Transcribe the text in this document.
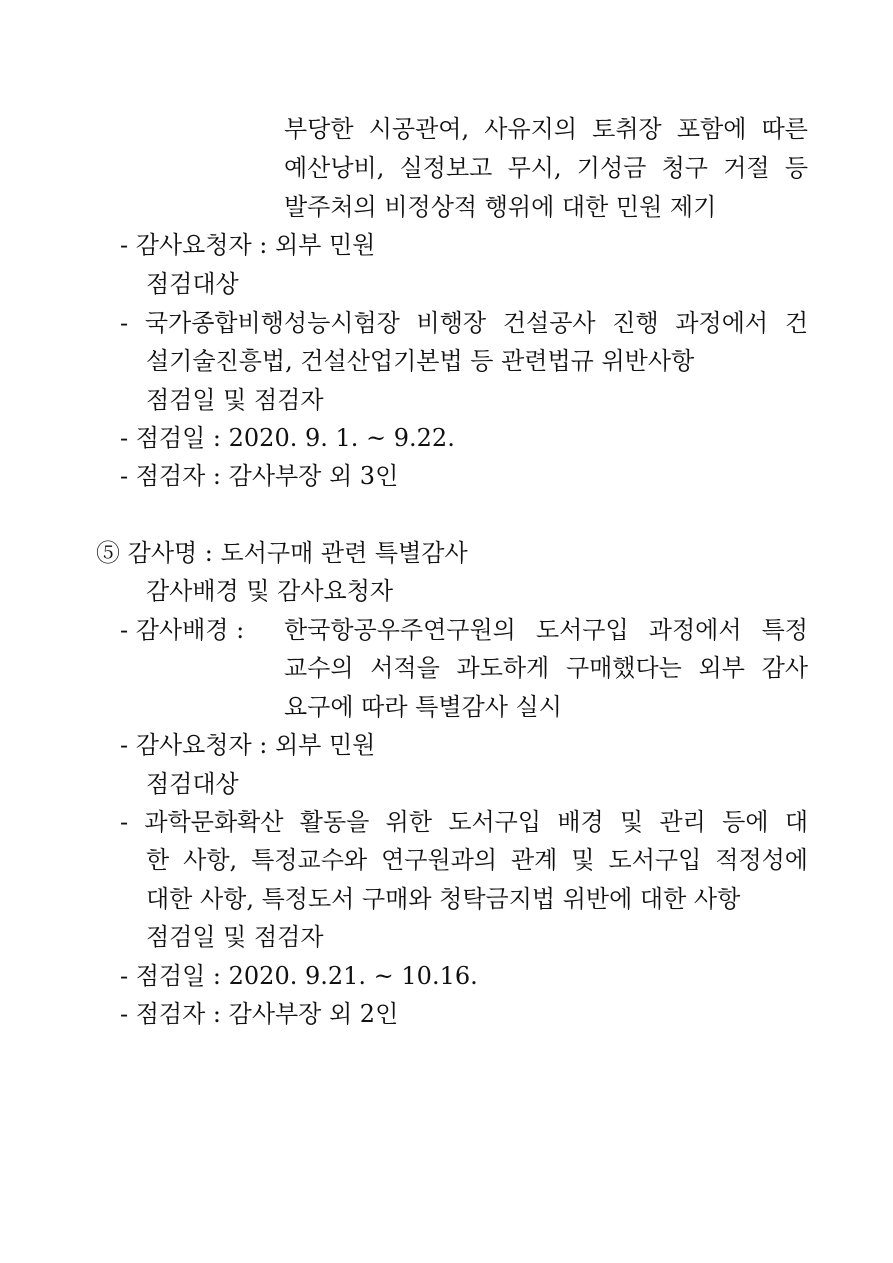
부당한 시공관여, 사유지의 토취장 포함에 따른
예산낭비, 실정보고 무시, 기성금 청구 거절 등
발주처의 비정상적 행위에 대한 민원 제기
- 감사요청자 : 외부 민원
점검대상
- 국가종합비행성능시험장 비행장 건설공사 진행 과정에서 건
설기술진흥법, 건설산업기본법 등 관련법규 위반사항
점검일 및 점검자
- 점검일 : 2020. 9. 1. ~ 9.22.
- 점검자 : 감사부장 외 3인
⑤ 감사명 : 도서구매 관련 특별감사
감사배경 및 감사요청자
- 감사배경 : 한국항공우주연구원의 도서구입 과정에서 특정
교수의 서적을 과도하게 구매했다는 외부 감사
요구에 따라 특별감사 실시
- 감사요청자 : 외부 민원
점검대상
- 과학문화확산 활동을 위한 도서구입 배경 및 관리 등에 대
한 사항, 특정교수와 연구원과의 관계 및 도서구입 적정성에
대한 사항, 특정도서 구매와 청탁금지법 위반에 대한 사항
점검일 및 점검자
- 점검일 : 2020. 9.21. ~ 10.16.
- 점검자 : 감사부장 외 2인
